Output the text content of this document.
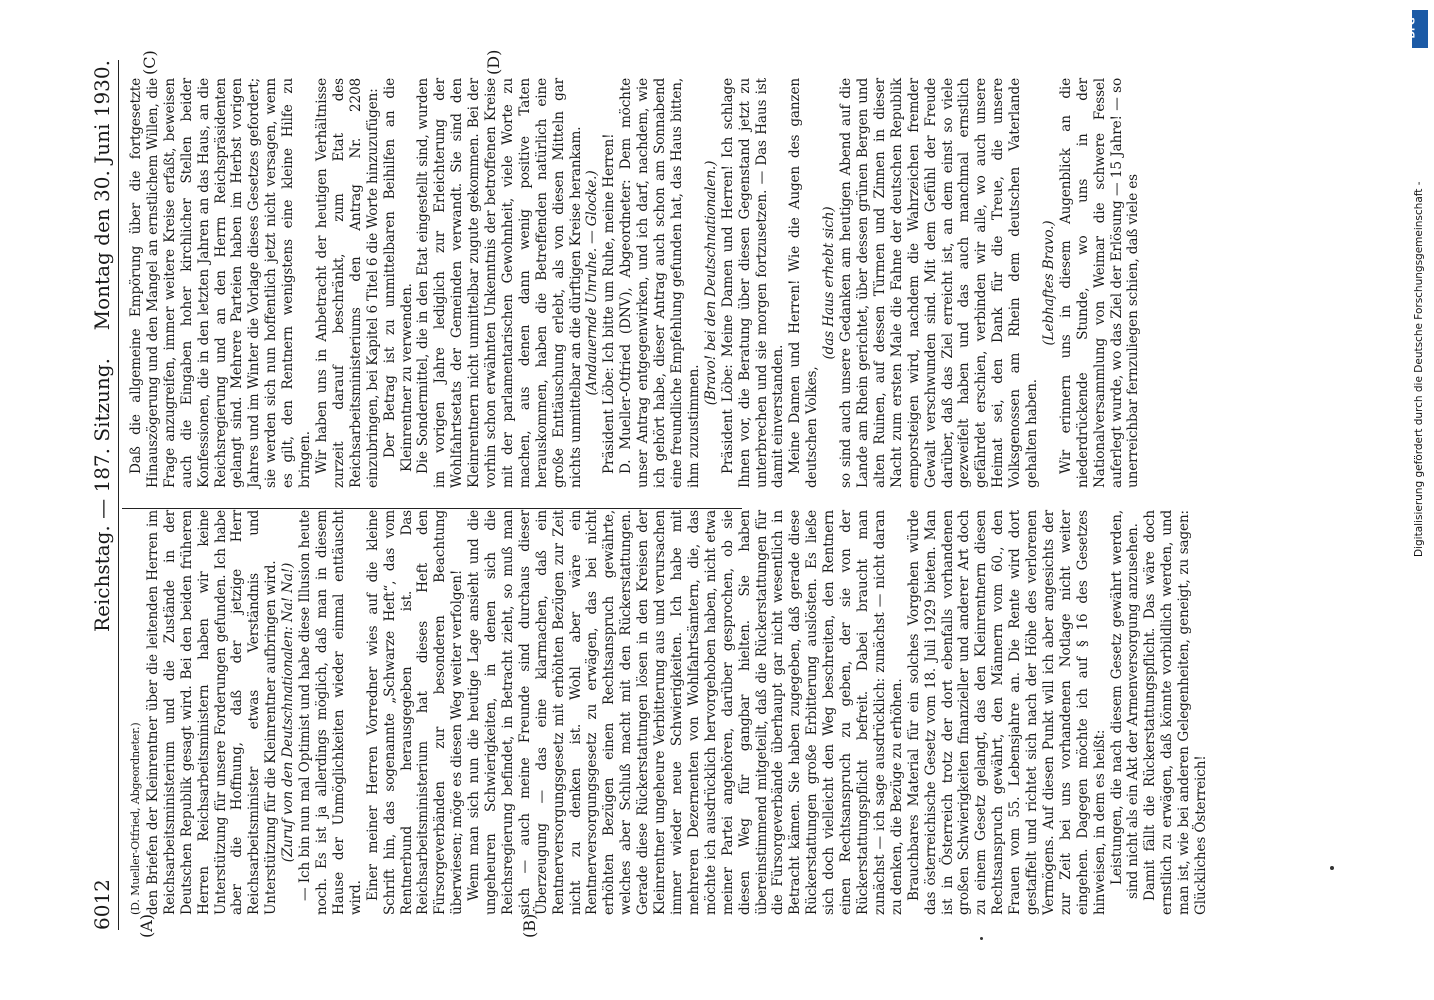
6012
Reichstag. — 187. Sitzung.
Montag den 30. Juni 1930.
(A)	(B)
(C)	(D)

(D. Mueller-Otfried, Abgeordneter.) den Briefen der Kleinrentner über die leitenden Herren im Reichsarbeitsministerium und die Zustände in der Deutschen Republik gesagt wird. Bei den beiden früheren Herren Reichsarbeitsministern haben wir keine Unterstützung für unsere Forderungen gefunden. Ich habe aber die Hoffnung, daß der jetzige Herr Reichsarbeitsminister etwas Verständnis und Unterstützung für die Kleinrentner aufbringen wird. (Zuruf von den Deutschnationalen: Na! Na!) — Ich bin nun mal Optimist und habe diese Illusion heute noch. Es ist ja allerdings möglich, daß man in diesem Hause der Unmöglichkeiten wieder einmal enttäuscht wird. Einer meiner Herren Vorredner wies auf die kleine Schrift hin, das sogenannte „Schwarze Heft“, das vom Rentnerbund herausgegeben ist. Das Reichsarbeitsministerium hat dieses Heft den Fürsorgeverbänden zur besonderen Beachtung überwiesen; möge es diesen Weg weiter verfolgen! Wenn man sich nun die heutige Lage ansieht und die ungeheuren Schwierigkeiten, in denen sich die Reichsregierung befindet, in Betracht zieht, so muß man sich — auch meine Freunde sind durchaus dieser Überzeugung — das eine klarmachen, daß ein Rentnerversorgungsgesetz mit erhöhten Bezügen zur Zeit nicht zu denken ist. Wohl aber wäre ein Rentnerversorgungsgesetz zu erwägen, das bei nicht erhöhten Bezügen einen Rechtsanspruch gewährte, welches aber Schluß macht mit den Rückerstattungen. Gerade diese Rückerstattungen lösen in den Kreisen der Kleinrentner ungeheure Verbitterung aus und verursachen immer wieder neue Schwierigkeiten. Ich habe mit mehreren Dezernenten von Wohlfahrtsämtern, die, das möchte ich ausdrücklich hervorgehoben haben, nicht etwa meiner Partei angehören, darüber gesprochen, ob sie diesen Weg für gangbar hielten. Sie haben übereinstimmend mitgeteilt, daß die Rückerstattungen für die Fürsorgeverbände überhaupt gar nicht wesentlich in Betracht kämen. Sie haben zugegeben, daß gerade diese Rückerstattungen große Erbitterung auslösten. Es ließe sich doch vielleicht den Weg beschreiten, den Rentnern einen Rechtsanspruch zu geben, der sie von der Rückerstattungspflicht befreit. Dabei braucht man zunächst — ich sage ausdrücklich: zunächst — nicht daran zu denken, die Bezüge zu erhöhen. Brauchbares Material für ein solches Vorgehen würde das österreichische Gesetz vom 18. Juli 1929 bieten. Man ist in Österreich trotz der dort ebenfalls vorhandenen großen Schwierigkeiten finanzieller und anderer Art doch zu einem Gesetz gelangt, das den Kleinrentnern diesen Rechtsanspruch gewährt, den Männern vom 60., den Frauen vom 55. Lebensjahre an. Die Rente wird dort gestaffelt und richtet sich nach der Höhe des verlorenen Vermögens. Auf diesen Punkt will ich aber angesichts der zur Zeit bei uns vorhandenen Notlage nicht weiter eingehen. Dagegen möchte ich auf § 16 des Gesetzes hinweisen, in dem es heißt: Leistungen, die nach diesem Gesetz gewährt werden, sind nicht als ein Akt der Armenversorgung anzusehen. Damit fällt die Rückerstattungspflicht. Das wäre doch ernstlich zu erwägen, daß könnte vorbildlich werden, und man ist, wie bei anderen Gelegenheiten, geneigt, zu sagen: Glückliches Österreich!

Daß die allgemeine Empörung über die fortgesetzte Hinauszögerung und den Mangel an ernstlichem Willen, die Frage anzugreifen, immer weitere Kreise erfaßt, beweisen auch die Eingaben hoher kirchlicher Stellen beider Konfessionen, die in den letzten Jahren an das Haus, an die Reichsregierung und an den Herrn Reichspräsidenten gelangt sind. Mehrere Parteien haben im Herbst vorigen Jahres und im Winter die Vorlage dieses Gesetzes gefordert; sie werden sich nun hoffentlich jetzt nicht versagen, wenn es gilt, den Rentnern wenigstens eine kleine Hilfe zu bringen. Wir haben uns in Anbetracht der heutigen Verhältnisse zurzeit darauf beschränkt, zum Etat des Reichsarbeitsministeriums den Antrag Nr. 2208 einzubringen, bei Kapitel 6 Titel 6 die Worte hinzuzufügen: Der Betrag ist zu unmittelbaren Beihilfen an die Kleinrentner zu verwenden. Die Sondermittel, die in den Etat eingestellt sind, wurden im vorigen Jahre lediglich zur Erleichterung der Wohlfahrtsetats der Gemeinden verwandt. Sie sind den Kleinrentnern nicht unmittelbar zugute gekommen. Bei der vorhin schon erwähnten Unkenntnis der betroffenen Kreise mit der parlamentarischen Gewohnheit, viele Worte zu machen, aus denen dann wenig positive Taten herauskommen, haben die Betreffenden natürlich eine große Enttäuschung erlebt, als von diesen Mitteln gar nichts unmittelbar an die dürftigen Kreise herankam. (Andauernde Unruhe. — Glocke.) Präsident Löbe: Ich bitte um Ruhe, meine Herren! D. Mueller-Otfried (DNV), Abgeordneter: Dem möchte unser Antrag entgegenwirken, und ich darf, nachdem, wie ich gehört habe, dieser Antrag auch schon am Sonnabend eine freundliche Empfehlung gefunden hat, das Haus bitten, ihm zuzustimmen.

(Bravo! bei den Deutschnationalen.) Präsident Löbe: Meine Damen und Herren! Ich schlage Ihnen vor, die Beratung über diesen Gegenstand jetzt zu unterbrechen und sie morgen fortzusetzen. — Das Haus ist damit einverstanden. Meine Damen und Herren! Wie die Augen des ganzen deutschen Volkes,

(das Haus erhebt sich) so sind auch unsere Gedanken am heutigen Abend auf die Lande am Rhein gerichtet, über dessen grünen Bergen und alten Ruinen, auf dessen Türmen und Zinnen in dieser Nacht zum ersten Male die Fahne der deutschen Republik emporsteigen wird, nachdem die Wahrzeichen fremder Gewalt verschwunden sind. Mit dem Gefühl der Freude darüber, daß das Ziel erreicht ist, an dem einst so viele gezweifelt haben und das auch manchmal ernstlich gefährdet erschien, verbinden wir alle, wo auch unsere Heimat sei, den Dank für die Treue, die unsere Volksgenossen am Rhein dem deutschen Vaterlande gehalten haben.

(Lebhaftes Bravo.) Wir erinnern uns in diesem Augenblick an die niederdrückende Stunde, wo uns in der Nationalversammlung von Weimar die schwere Fessel auferlegt wurde, wo das Ziel der Erlösung — 15 Jahre! — so unerreichbar fernzuliegen schien, daß viele es	Digitalisierung gefördert durch die Deutsche Forschungsgemeinschaft -
DFG
